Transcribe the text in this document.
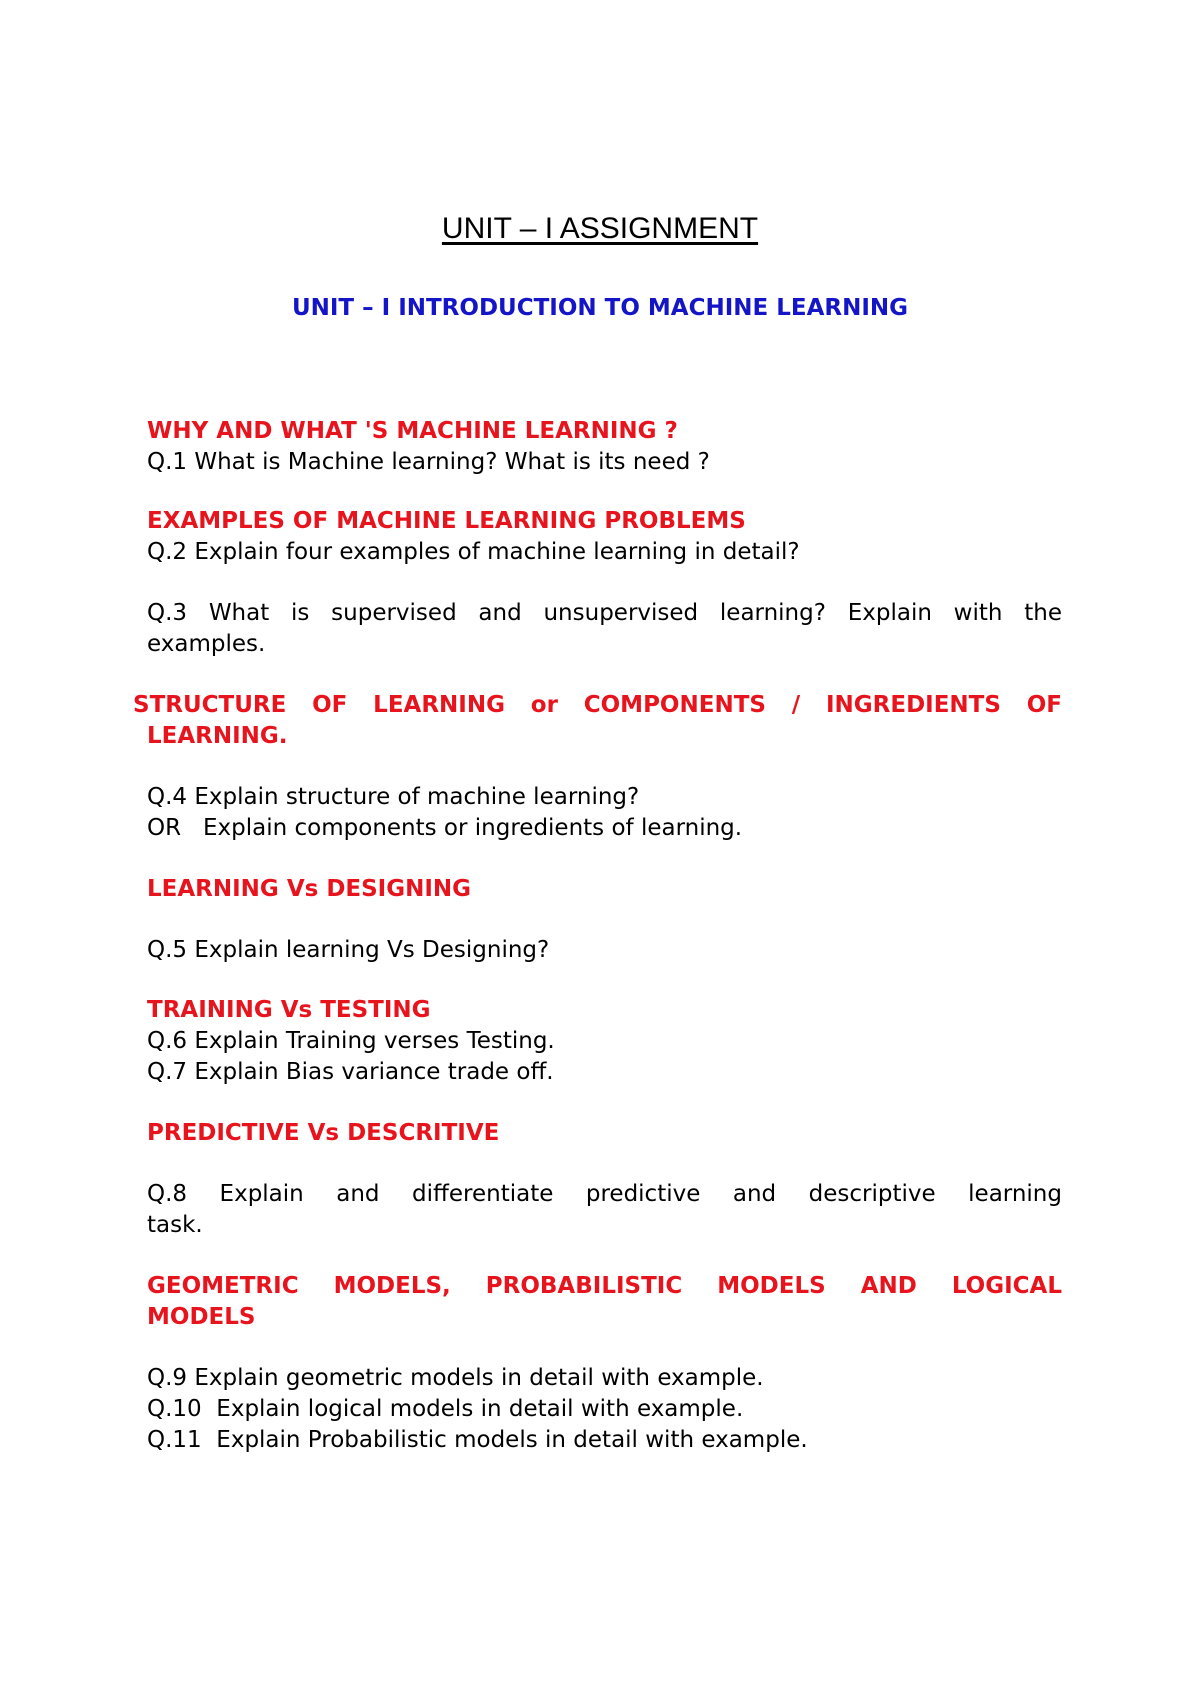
UNIT – I ASSIGNMENT
UNIT – I INTRODUCTION TO MACHINE LEARNING
WHY AND WHAT 'S MACHINE LEARNING ?
Q.1 What is Machine learning? What is its need ?
EXAMPLES OF MACHINE LEARNING PROBLEMS
Q.2 Explain four examples of machine learning in detail?
Q.3 What is supervised and unsupervised learning? Explain with the
examples.
STRUCTURE OF LEARNING or COMPONENTS / INGREDIENTS OF
LEARNING.
Q.4 Explain structure of machine learning?
OR   Explain components or ingredients of learning.
LEARNING Vs DESIGNING
Q.5 Explain learning Vs Designing?
TRAINING Vs TESTING
Q.6 Explain Training verses Testing.
Q.7 Explain Bias variance trade off.
PREDICTIVE Vs DESCRITIVE
Q.8 Explain and differentiate predictive and descriptive learning
task.
GEOMETRIC MODELS, PROBABILISTIC MODELS AND LOGICAL
MODELS
Q.9 Explain geometric models in detail with example.
Q.10  Explain logical models in detail with example.
Q.11  Explain Probabilistic models in detail with example.
